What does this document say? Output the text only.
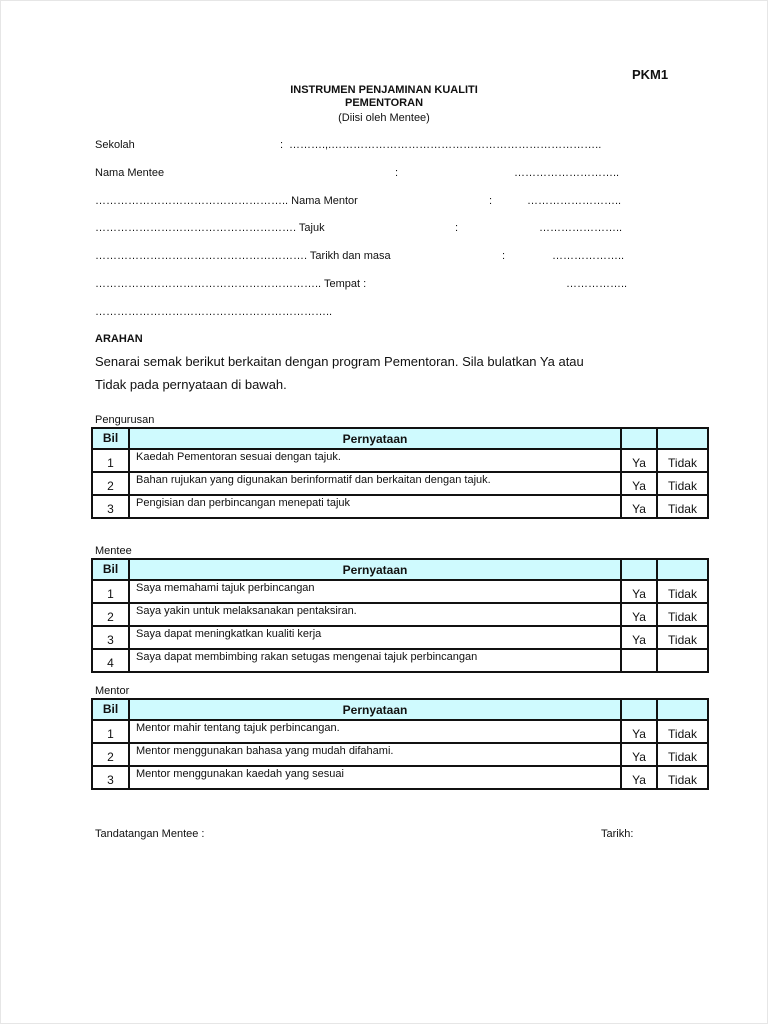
PKM1
INSTRUMEN PENJAMINAN KUALITI
PEMENTORAN
(Diisi oleh Mentee)
Sekolah	: ……….,.………………………………………………………………..
Nama Mentee	:	………………………..
…………………………………………….. Nama Mentor	:	……………………..
………………………………………………. Tajuk	:	…………………..
…………………………………………………. Tarikh dan masa	:	………………..
…………………………………………………….. Tempat :	……………..
………………………………………………………..
ARAHAN
Senarai semak berikut berkaitan dengan program Pementoran. Sila bulatkan Ya atau
Tidak pada pernyataan di bawah.
Pengurusan
Bil	Pernyataan		
1	Kaedah Pementoran sesuai dengan tajuk.	Ya	Tidak
2	Bahan rujukan yang digunakan berinformatif dan berkaitan dengan tajuk.	Ya	Tidak
3	Pengisian dan perbincangan menepati tajuk	Ya	Tidak
Mentee
Bil	Pernyataan		
1	Saya memahami tajuk perbincangan	Ya	Tidak
2	Saya yakin untuk melaksanakan pentaksiran.	Ya	Tidak
3	Saya dapat meningkatkan kualiti kerja	Ya	Tidak
4	Saya dapat membimbing rakan setugas mengenai tajuk perbincangan		
Mentor
Bil	Pernyataan		
1	Mentor mahir tentang tajuk perbincangan.	Ya	Tidak
2	Mentor menggunakan bahasa yang mudah difahami.	Ya	Tidak
3	Mentor menggunakan kaedah yang sesuai	Ya	Tidak
Tandatangan Mentee :	Tarikh:
